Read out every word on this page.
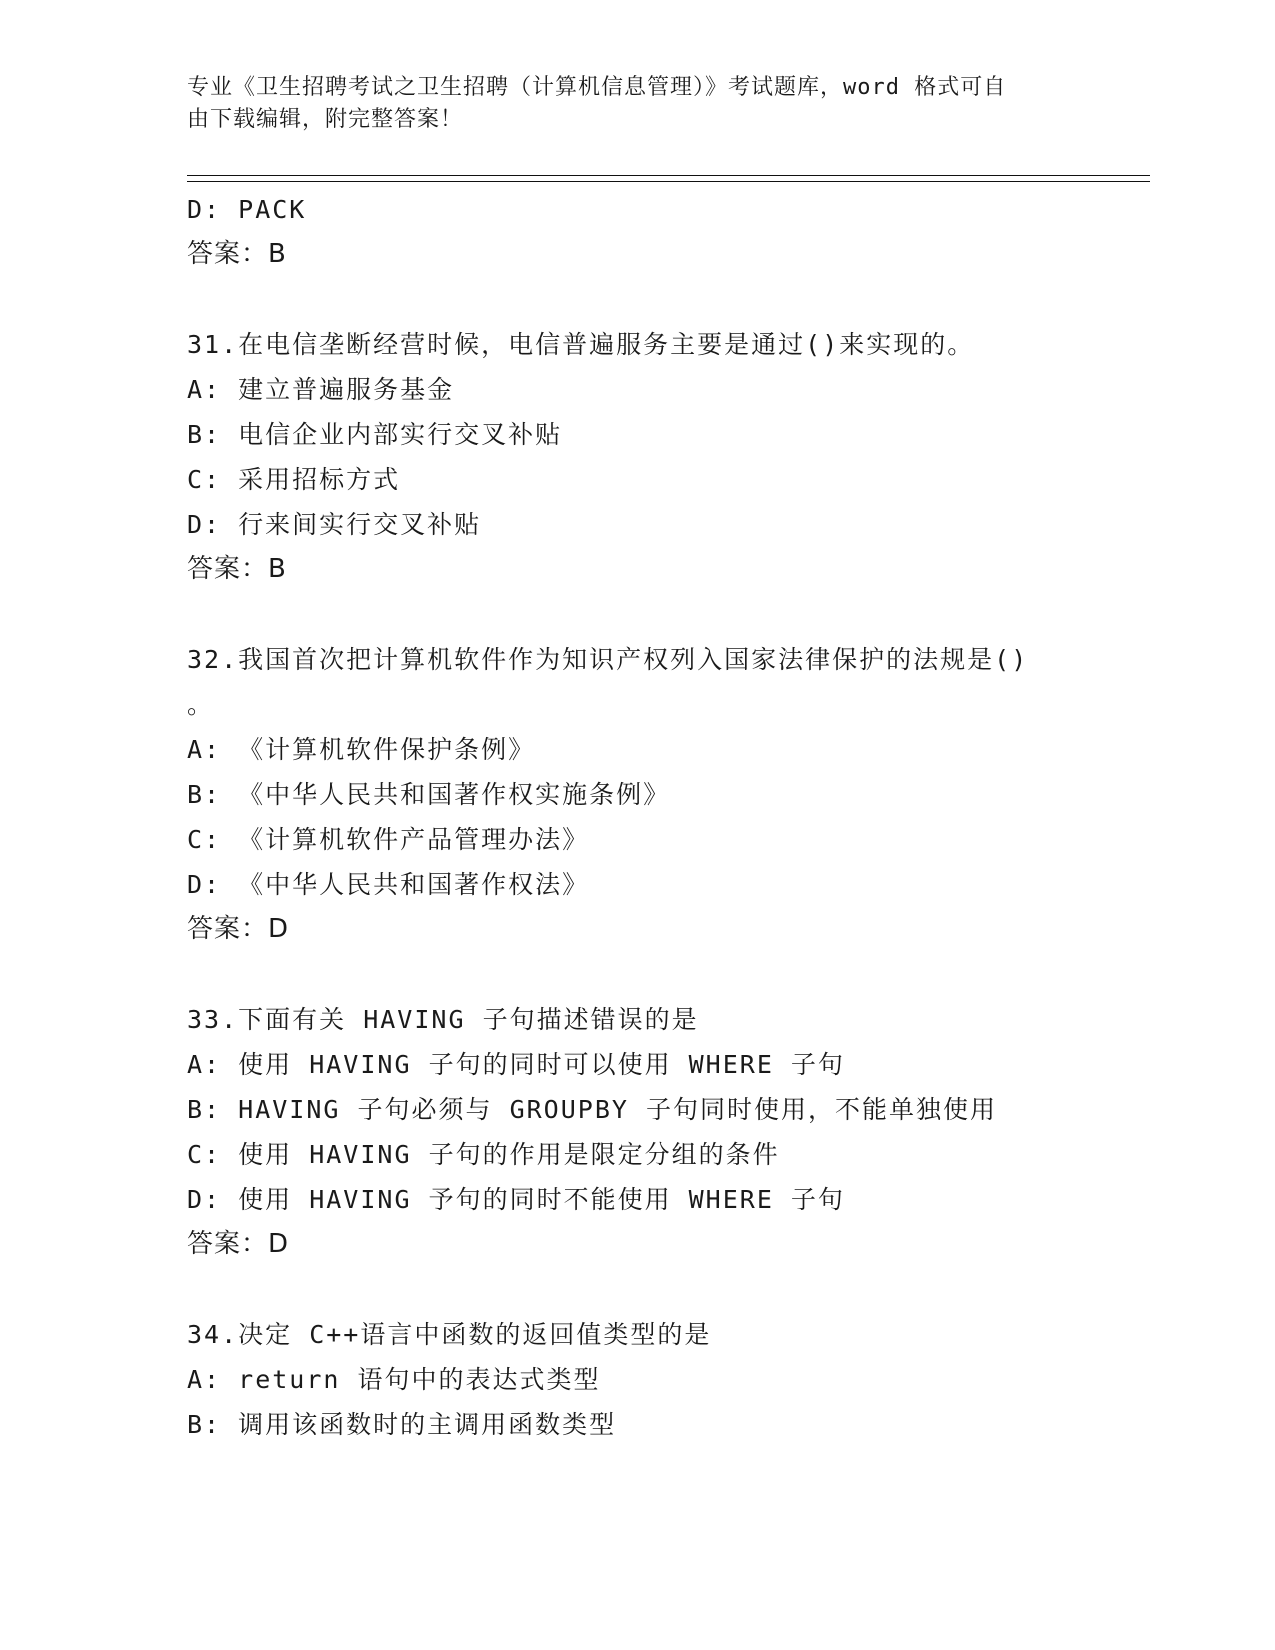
专业《卫生招聘考试之卫生招聘（计算机信息管理）》考试题库，word 格式可自
由下载编辑，附完整答案！
D: PACK
答案：B
31.在电信垄断经营时候，电信普遍服务主要是通过()来实现的。
A: 建立普遍服务基金
B: 电信企业内部实行交叉补贴
C: 采用招标方式
D: 行来间实行交叉补贴
答案：B
32.我国首次把计算机软件作为知识产权列入国家法律保护的法规是()
。
A: 《计算机软件保护条例》
B: 《中华人民共和国著作权实施条例》
C: 《计算机软件产品管理办法》
D: 《中华人民共和国著作权法》
答案：D
33.下面有关 HAVING 子句描述错误的是
A: 使用 HAVING 子句的同时可以使用 WHERE 子句
B: HAVING 子句必须与 GROUPBY 子句同时使用，不能单独使用
C: 使用 HAVING 子句的作用是限定分组的条件
D: 使用 HAVING 予句的同时不能使用 WHERE 子句
答案：D
34.决定 C++语言中函数的返回值类型的是
A: return 语句中的表达式类型
B: 调用该函数时的主调用函数类型
